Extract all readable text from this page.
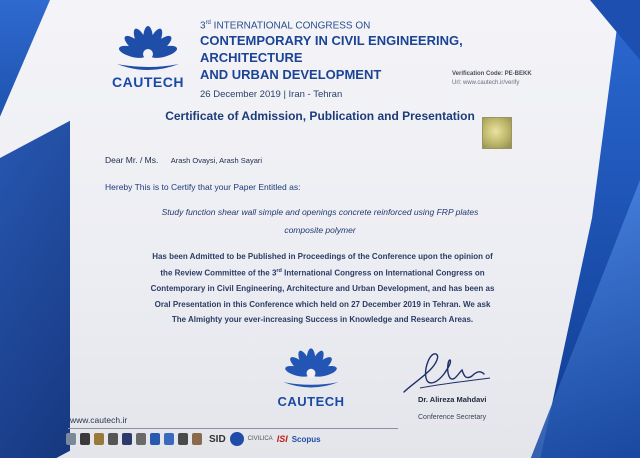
CAUTECH
3rd INTERNATIONAL CONGRESS ON
CONTEMPORARY IN CIVIL ENGINEERING, ARCHITECTURE
AND URBAN DEVELOPMENT
26 December 2019 | Iran - Tehran
Verification Code: PE-BEKK
Url: www.cautech.ir/verify
Certificate of Admission, Publication and Presentation
Dear Mr. / Ms. Arash Ovaysi, Arash Sayari
Hereby This is to Certify that your Paper Entitled as:
Study function shear wall simple and openings concrete reinforced using FRP plates
composite polymer
Has been Admitted to be Published in Proceedings of the Conference upon the opinion of
the Review Committee of the 3rd International Congress on International Congress on
Contemporary in Civil Engineering, Architecture and Urban Development, and has been as
Oral Presentation in this Conference which held on 27 December 2019 in Tehran. We ask
The Almighty your ever-increasing Success in Knowledge and Research Areas.
CAUTECH	Dr. Alireza Mahdavi
Conference Secretary
www.cautech.ir
SID	CIVILICA ISI Scopus
